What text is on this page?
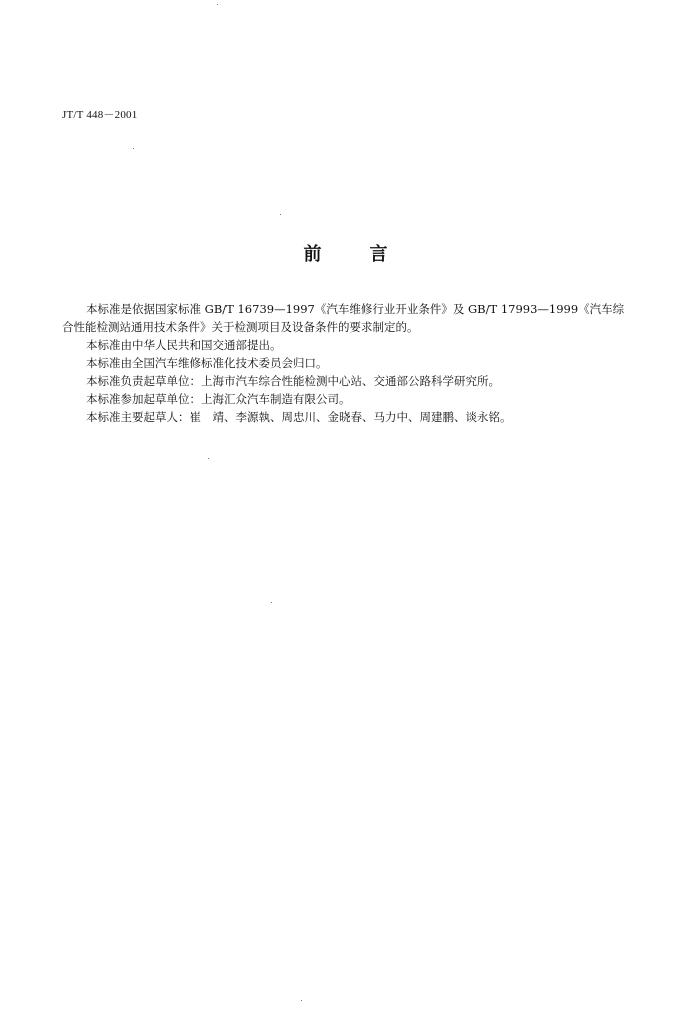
JT/T 448－2001
前言

本标准是依据国家标准 GB/T 16739—1997《汽车维修行业开业条件》及 GB/T 17993—1999《汽车综合性能检测站通用技术条件》关于检测项目及设备条件的要求制定的。

本标准由中华人民共和国交通部提出。

本标准由全国汽车维修标准化技术委员会归口。

本标准负责起草单位：上海市汽车综合性能检测中心站、交通部公路科学研究所。

本标准参加起草单位：上海汇众汽车制造有限公司。

本标准主要起草人：崔　靖、李源執、周忠川、金晓春、马力中、周建鹏、谈永铭。
